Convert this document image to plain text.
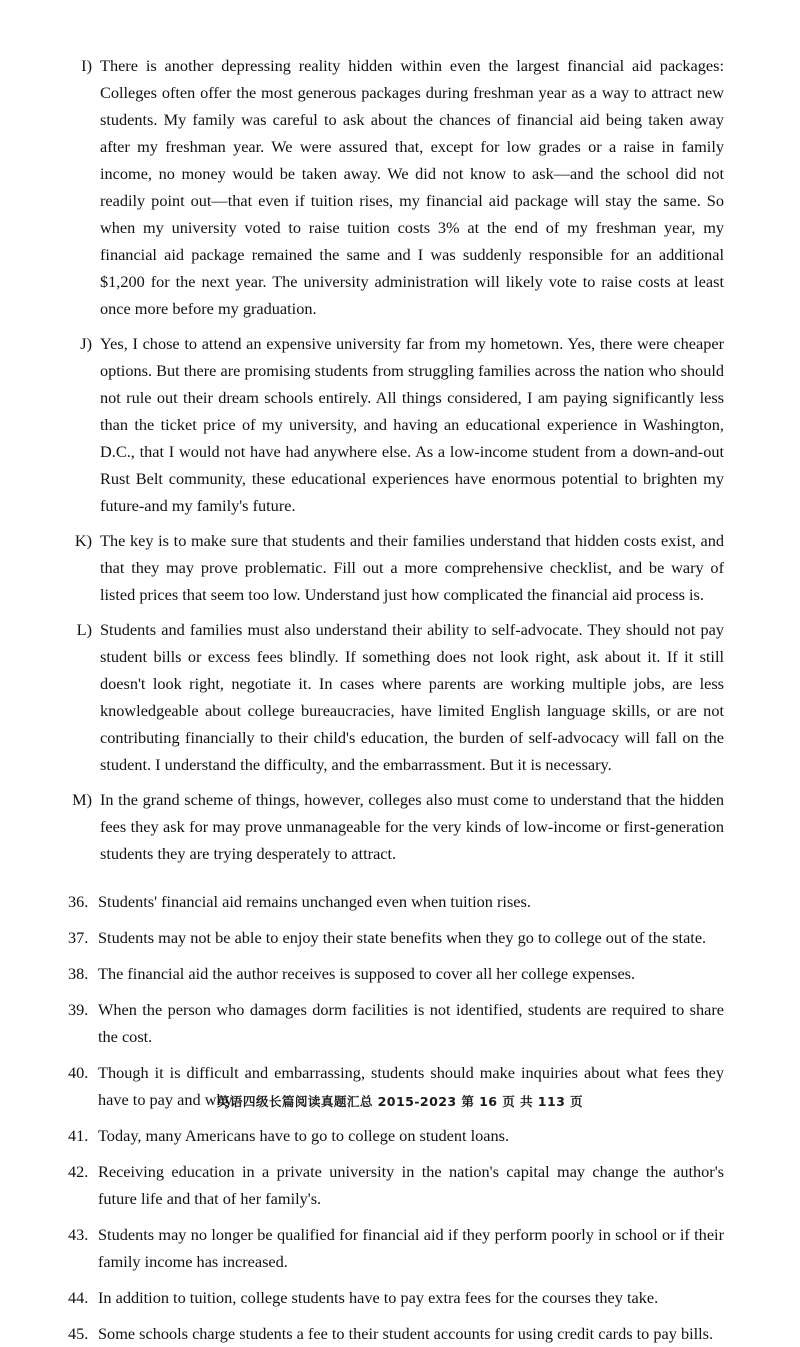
I) There is another depressing reality hidden within even the largest financial aid packages: Colleges often offer the most generous packages during freshman year as a way to attract new students. My family was careful to ask about the chances of financial aid being taken away after my freshman year. We were assured that, except for low grades or a raise in family income, no money would be taken away. We did not know to ask—and the school did not readily point out—that even if tuition rises, my financial aid package will stay the same. So when my university voted to raise tuition costs 3% at the end of my freshman year, my financial aid package remained the same and I was suddenly responsible for an additional $1,200 for the next year. The university administration will likely vote to raise costs at least once more before my graduation.
J) Yes, I chose to attend an expensive university far from my hometown. Yes, there were cheaper options. But there are promising students from struggling families across the nation who should not rule out their dream schools entirely. All things considered, I am paying significantly less than the ticket price of my university, and having an educational experience in Washington, D.C., that I would not have had anywhere else. As a low-income student from a down-and-out Rust Belt community, these educational experiences have enormous potential to brighten my future-and my family's future.
K) The key is to make sure that students and their families understand that hidden costs exist, and that they may prove problematic. Fill out a more comprehensive checklist, and be wary of listed prices that seem too low. Understand just how complicated the financial aid process is.
L) Students and families must also understand their ability to self-advocate. They should not pay student bills or excess fees blindly. If something does not look right, ask about it. If it still doesn't look right, negotiate it. In cases where parents are working multiple jobs, are less knowledgeable about college bureaucracies, have limited English language skills, or are not contributing financially to their child's education, the burden of self-advocacy will fall on the student. I understand the difficulty, and the embarrassment. But it is necessary.
M) In the grand scheme of things, however, colleges also must come to understand that the hidden fees they ask for may prove unmanageable for the very kinds of low-income or first-generation students they are trying desperately to attract.
36. Students' financial aid remains unchanged even when tuition rises.
37. Students may not be able to enjoy their state benefits when they go to college out of the state.
38. The financial aid the author receives is supposed to cover all her college expenses.
39. When the person who damages dorm facilities is not identified, students are required to share the cost.
40. Though it is difficult and embarrassing, students should make inquiries about what fees they have to pay and why.
41. Today, many Americans have to go to college on student loans.
42. Receiving education in a private university in the nation's capital may change the author's future life and that of her family's.
43. Students may no longer be qualified for financial aid if they perform poorly in school or if their family income has increased.
44. In addition to tuition, college students have to pay extra fees for the courses they take.
45. Some schools charge students a fee to their student accounts for using credit cards to pay bills.
英语四级长篇阅读真题汇总 2015-2023 第 16 页 共 113 页
